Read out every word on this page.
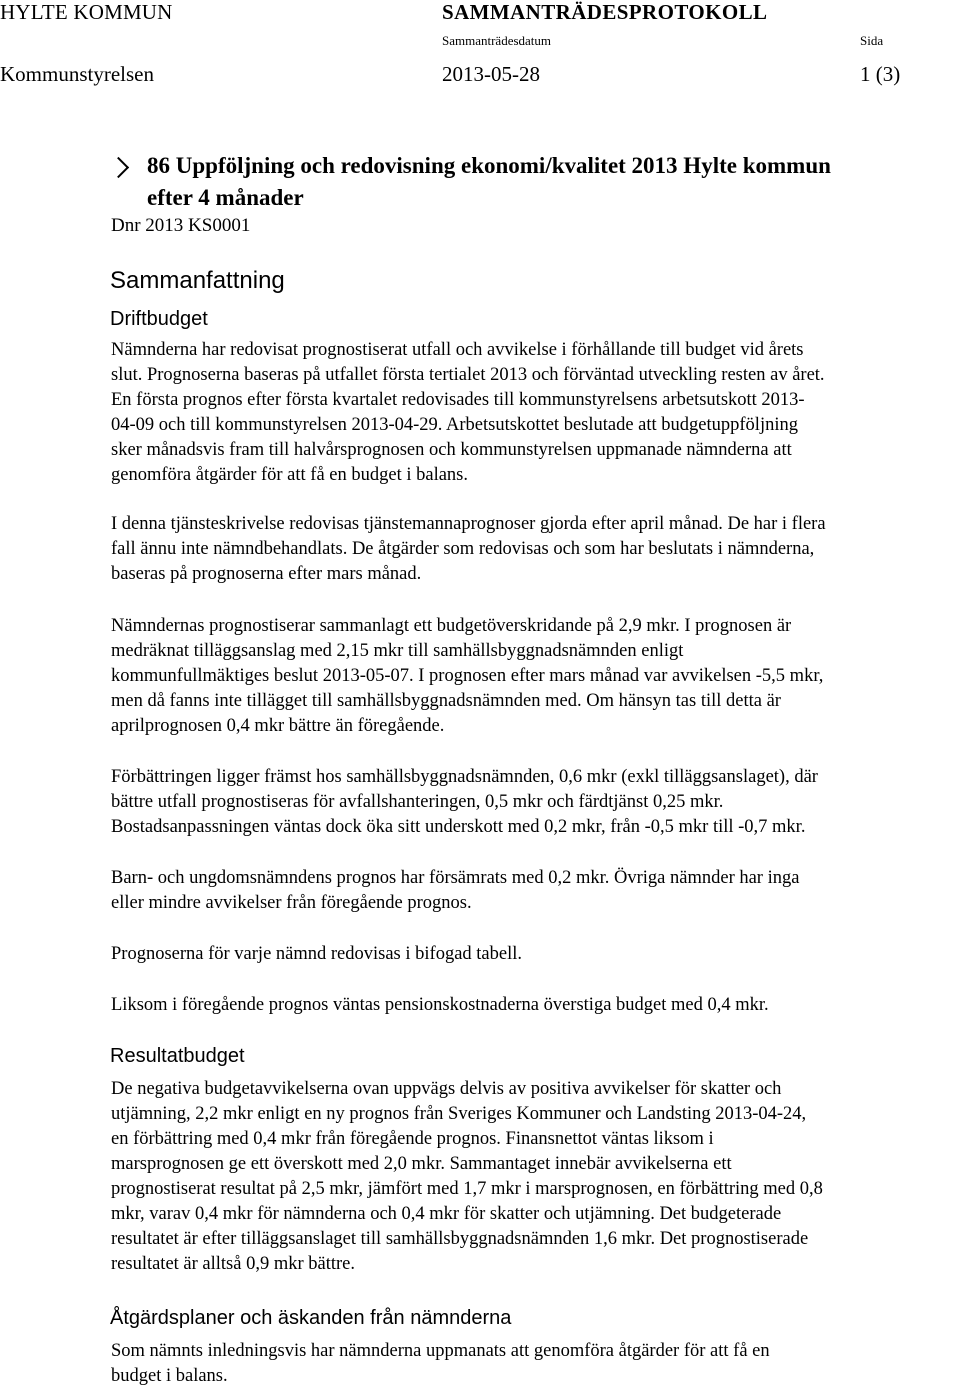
HYLTE KOMMUN	SAMMANTRÄDESPROTOKOLL
Sammanträdesdatum	Sida
Kommunstyrelsen	2013-05-28	1 (3)
86 Uppföljning och redovisning ekonomi/kvalitet 2013 Hylte kommun
efter 4 månader
Dnr 2013 KS0001
Sammanfattning
Driftbudget
Nämnderna har redovisat prognostiserat utfall och avvikelse i förhållande till budget vid årets
slut. Prognoserna baseras på utfallet första tertialet 2013 och förväntad utveckling resten av året.
En första prognos efter första kvartalet redovisades till kommunstyrelsens arbetsutskott 2013-
04-09 och till kommunstyrelsen 2013-04-29. Arbetsutskottet beslutade att budgetuppföljning
sker månadsvis fram till halvårsprognosen och kommunstyrelsen uppmanade nämnderna att
genomföra åtgärder för att få en budget i balans.
I denna tjänsteskrivelse redovisas tjänstemannaprognoser gjorda efter april månad. De har i flera
fall ännu inte nämndbehandlats. De åtgärder som redovisas och som har beslutats i nämnderna,
baseras på prognoserna efter mars månad.
Nämndernas prognostiserar sammanlagt ett budgetöverskridande på 2,9 mkr. I prognosen är
medräknat tilläggsanslag med 2,15 mkr till samhällsbyggnadsnämnden enligt
kommunfullmäktiges beslut 2013-05-07. I prognosen efter mars månad var avvikelsen -5,5 mkr,
men då fanns inte tillägget till samhällsbyggnadsnämnden med. Om hänsyn tas till detta är
aprilprognosen 0,4 mkr bättre än föregående.
Förbättringen ligger främst hos samhällsbyggnadsnämnden, 0,6 mkr (exkl tilläggsanslaget), där
bättre utfall prognostiseras för avfallshanteringen, 0,5 mkr och färdtjänst 0,25 mkr.
Bostadsanpassningen väntas dock öka sitt underskott med 0,2 mkr, från -0,5 mkr till -0,7 mkr.
Barn- och ungdomsnämndens prognos har försämrats med 0,2 mkr. Övriga nämnder har inga
eller mindre avvikelser från föregående prognos.
Prognoserna för varje nämnd redovisas i bifogad tabell.
Liksom i föregående prognos väntas pensionskostnaderna överstiga budget med 0,4 mkr.
Resultatbudget
De negativa budgetavvikelserna ovan uppvägs delvis av positiva avvikelser för skatter och
utjämning, 2,2 mkr enligt en ny prognos från Sveriges Kommuner och Landsting 2013-04-24,
en förbättring med 0,4 mkr från föregående prognos. Finansnettot väntas liksom i
marsprognosen ge ett överskott med 2,0 mkr. Sammantaget innebär avvikelserna ett
prognostiserat resultat på 2,5 mkr, jämfört med 1,7 mkr i marsprognosen, en förbättring med 0,8
mkr, varav 0,4 mkr för nämnderna och 0,4 mkr för skatter och utjämning. Det budgeterade
resultatet är efter tilläggsanslaget till samhällsbyggnadsnämnden 1,6 mkr. Det prognostiserade
resultatet är alltså 0,9 mkr bättre.
Åtgärdsplaner och äskanden från nämnderna
Som nämnts inledningsvis har nämnderna uppmanats att genomföra åtgärder för att få en
budget i balans.
